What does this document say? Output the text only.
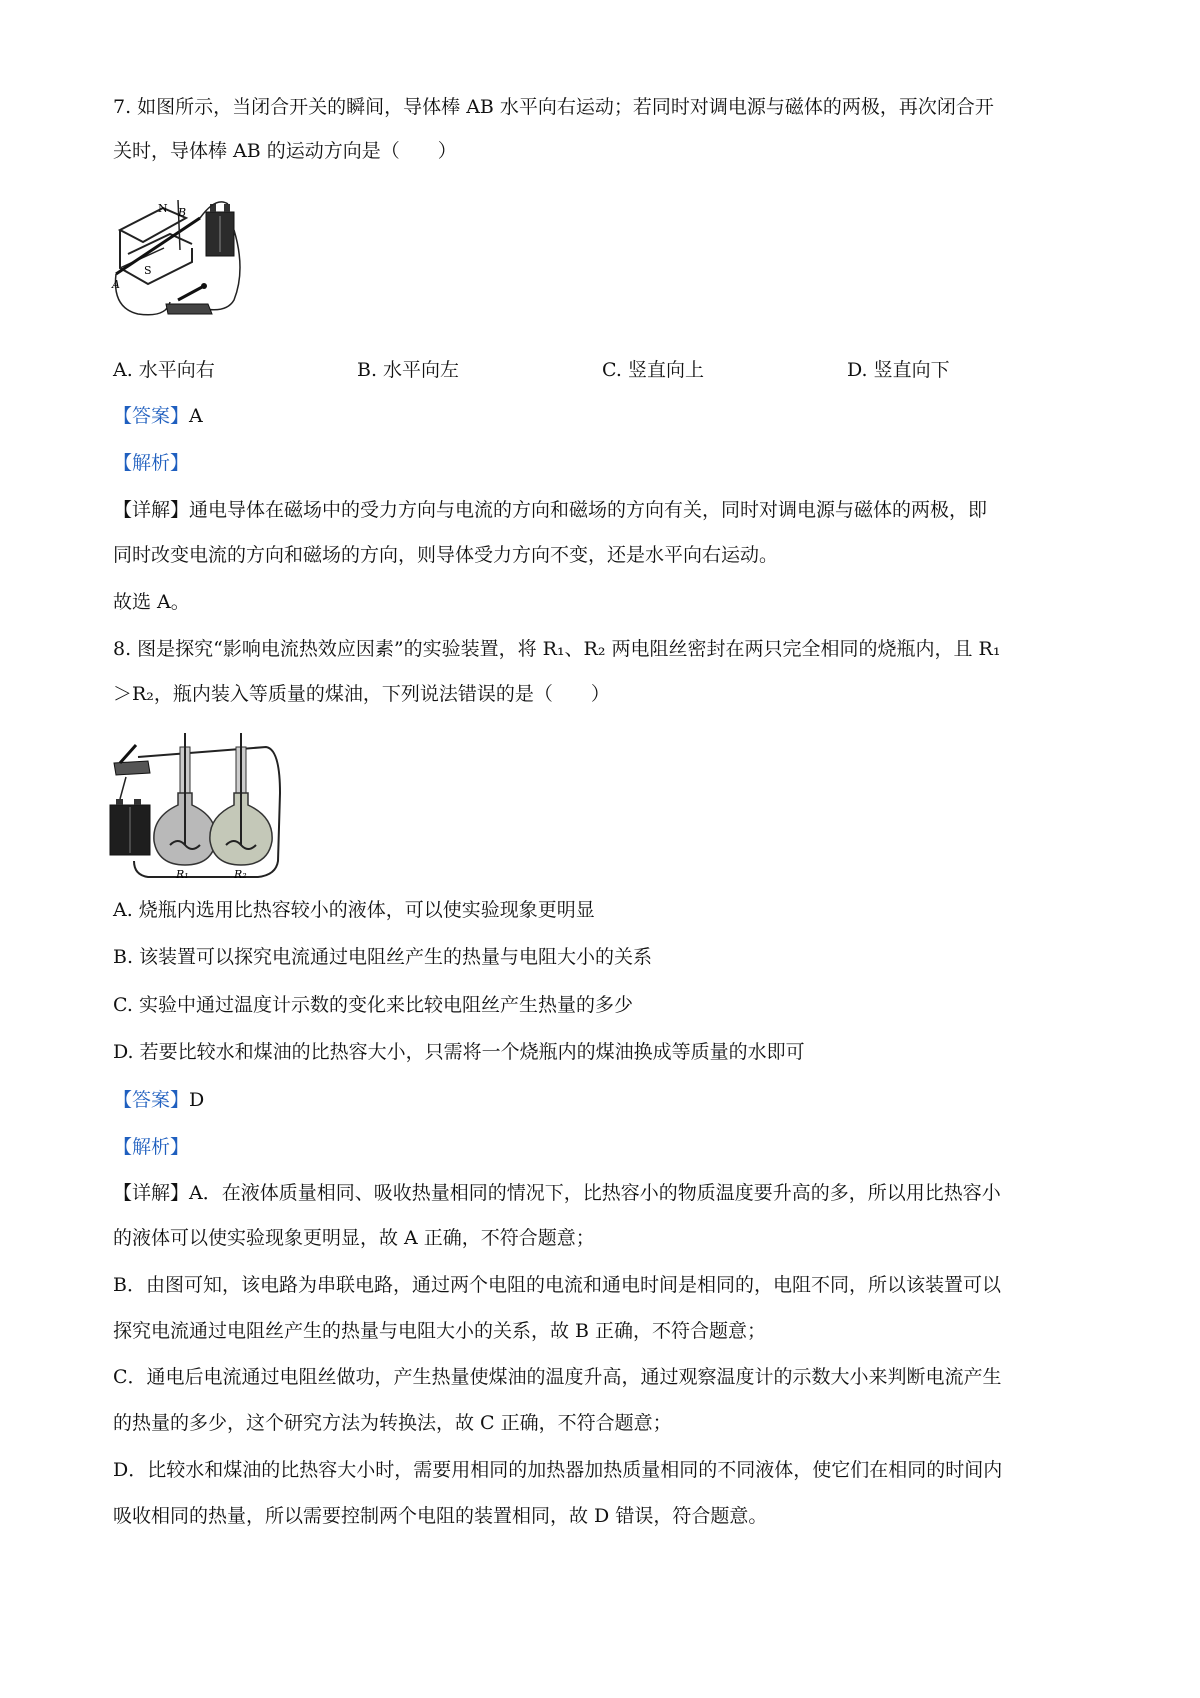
7. 如图所示，当闭合开关的瞬间，导体棒 AB 水平向右运动；若同时对调电源与磁体的两极，再次闭合开
关时，导体棒 AB 的运动方向是（　　）
N B
S
A
A. 水平向右	B. 水平向左	C. 竖直向上	D. 竖直向下
【答案】A
【解析】
【详解】通电导体在磁场中的受力方向与电流的方向和磁场的方向有关，同时对调电源与磁体的两极，即
同时改变电流的方向和磁场的方向，则导体受力方向不变，还是水平向右运动。
故选 A。
8. 图是探究“影响电流热效应因素”的实验装置，将 R₁、R₂ 两电阻丝密封在两只完全相同的烧瓶内，且 R₁
＞R₂，瓶内装入等质量的煤油，下列说法错误的是（　　）
R₁	R₂
A. 烧瓶内选用比热容较小的液体，可以使实验现象更明显
B. 该装置可以探究电流通过电阻丝产生的热量与电阻大小的关系
C. 实验中通过温度计示数的变化来比较电阻丝产生热量的多少
D. 若要比较水和煤油的比热容大小，只需将一个烧瓶内的煤油换成等质量的水即可
【答案】D
【解析】
【详解】A．在液体质量相同、吸收热量相同的情况下，比热容小的物质温度要升高的多，所以用比热容小
的液体可以使实验现象更明显，故 A 正确，不符合题意；
B．由图可知，该电路为串联电路，通过两个电阻的电流和通电时间是相同的，电阻不同，所以该装置可以
探究电流通过电阻丝产生的热量与电阻大小的关系，故 B 正确，不符合题意；
C．通电后电流通过电阻丝做功，产生热量使煤油的温度升高，通过观察温度计的示数大小来判断电流产生
的热量的多少，这个研究方法为转换法，故 C 正确，不符合题意；
D．比较水和煤油的比热容大小时，需要用相同的加热器加热质量相同的不同液体，使它们在相同的时间内
吸收相同的热量，所以需要控制两个电阻的装置相同，故 D 错误，符合题意。
